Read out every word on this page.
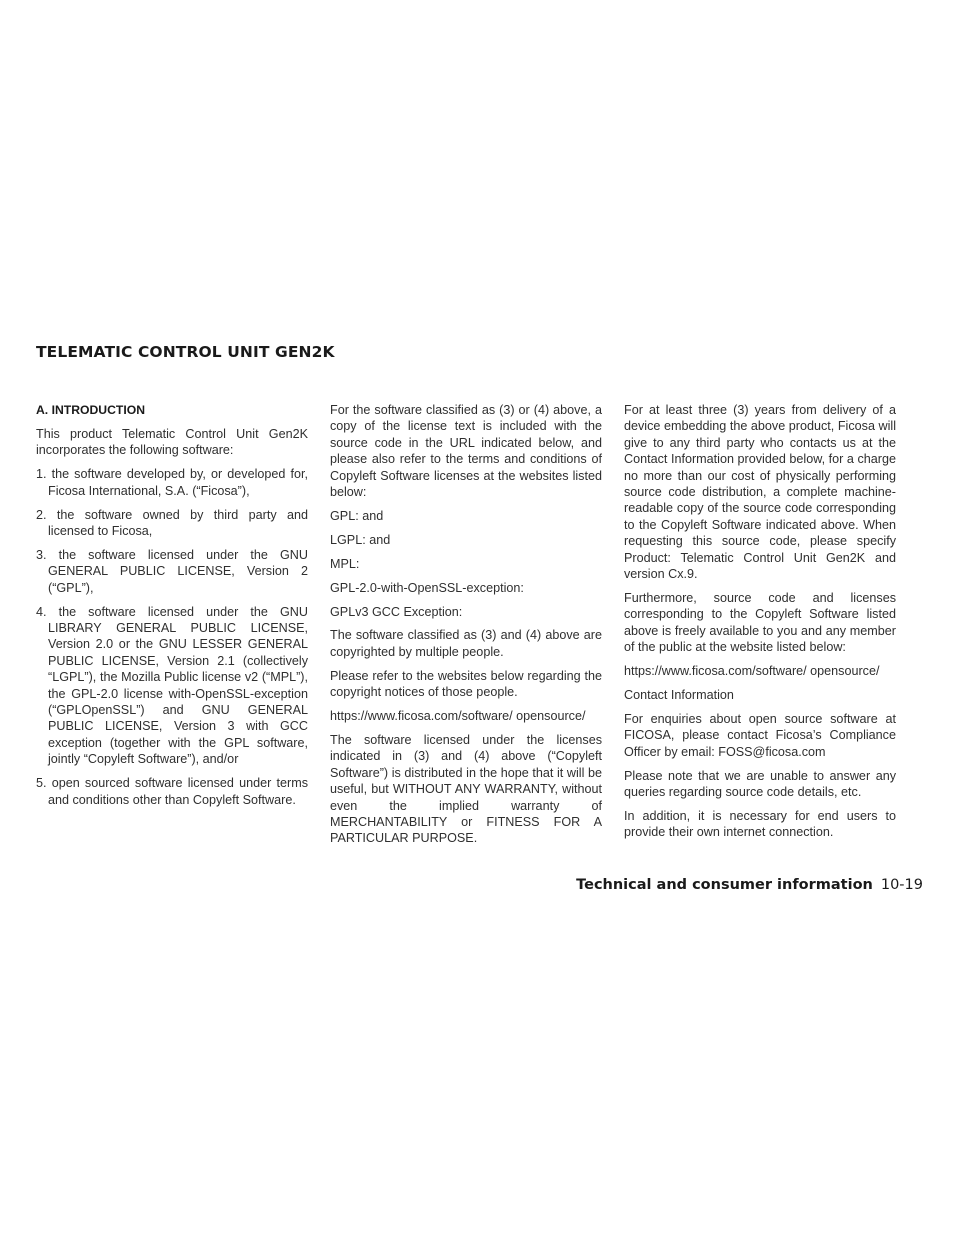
TELEMATIC CONTROL UNIT GEN2K

A. INTRODUCTION

This product Telematic Control Unit Gen2K incorporates the following software:

1. the software developed by, or developed for, Ficosa International, S.A. (“Ficosa”),
2. the software owned by third party and licensed to Ficosa,
3. the software licensed under the GNU GENERAL PUBLIC LICENSE, Version 2 (“GPL”),
4. the software licensed under the GNU LIBRARY GENERAL PUBLIC LICENSE, Version 2.0 or the GNU LESSER GENERAL PUBLIC LICENSE, Version 2.1 (collectively “LGPL”), the Mozilla Public license v2 (“MPL”), the GPL-2.0 license with-OpenSSL-exception (“GPLOpenSSL”) and GNU GENERAL PUBLIC LICENSE, Version 3 with GCC exception (together with the GPL software, jointly “Copyleft Software”), and/or
5. open sourced software licensed under terms and conditions other than Copyleft Software.

For the software classified as (3) or (4) above, a copy of the license text is included with the source code in the URL indicated below, and please also refer to the terms and conditions of Copyleft Software licenses at the websites listed below:

GPL: and

LGPL: and

MPL:

GPL-2.0-with-OpenSSL-exception:

GPLv3 GCC Exception:

The software classified as (3) and (4) above are copyrighted by multiple people.

Please refer to the websites below regarding the copyright notices of those people.

https://www.ficosa.com/software/ opensource/

The software licensed under the licenses indicated in (3) and (4) above (“Copyleft Software”) is distributed in the hope that it will be useful, but WITHOUT ANY WARRANTY, without even the implied warranty of MERCHANTABILITY or FITNESS FOR A PARTICULAR PURPOSE.

For at least three (3) years from delivery of a device embedding the above product, Ficosa will give to any third party who contacts us at the Contact Information provided below, for a charge no more than our cost of physically performing source code distribution, a complete machine-readable copy of the source code corresponding to the Copyleft Software indicated above. When requesting this source code, please specify Product: Telematic Control Unit Gen2K and version Cx.9.

Furthermore, source code and licenses corresponding to the Copyleft Software listed above is freely available to you and any member of the public at the website listed below:

https://www.ficosa.com/software/ opensource/

Contact Information

For enquiries about open source software at FICOSA, please contact Ficosa’s Compliance Officer by email: FOSS@ficosa.com

Please note that we are unable to answer any queries regarding source code details, etc.

In addition, it is necessary for end users to provide their own internet connection.

Technical and consumer information 10-19
